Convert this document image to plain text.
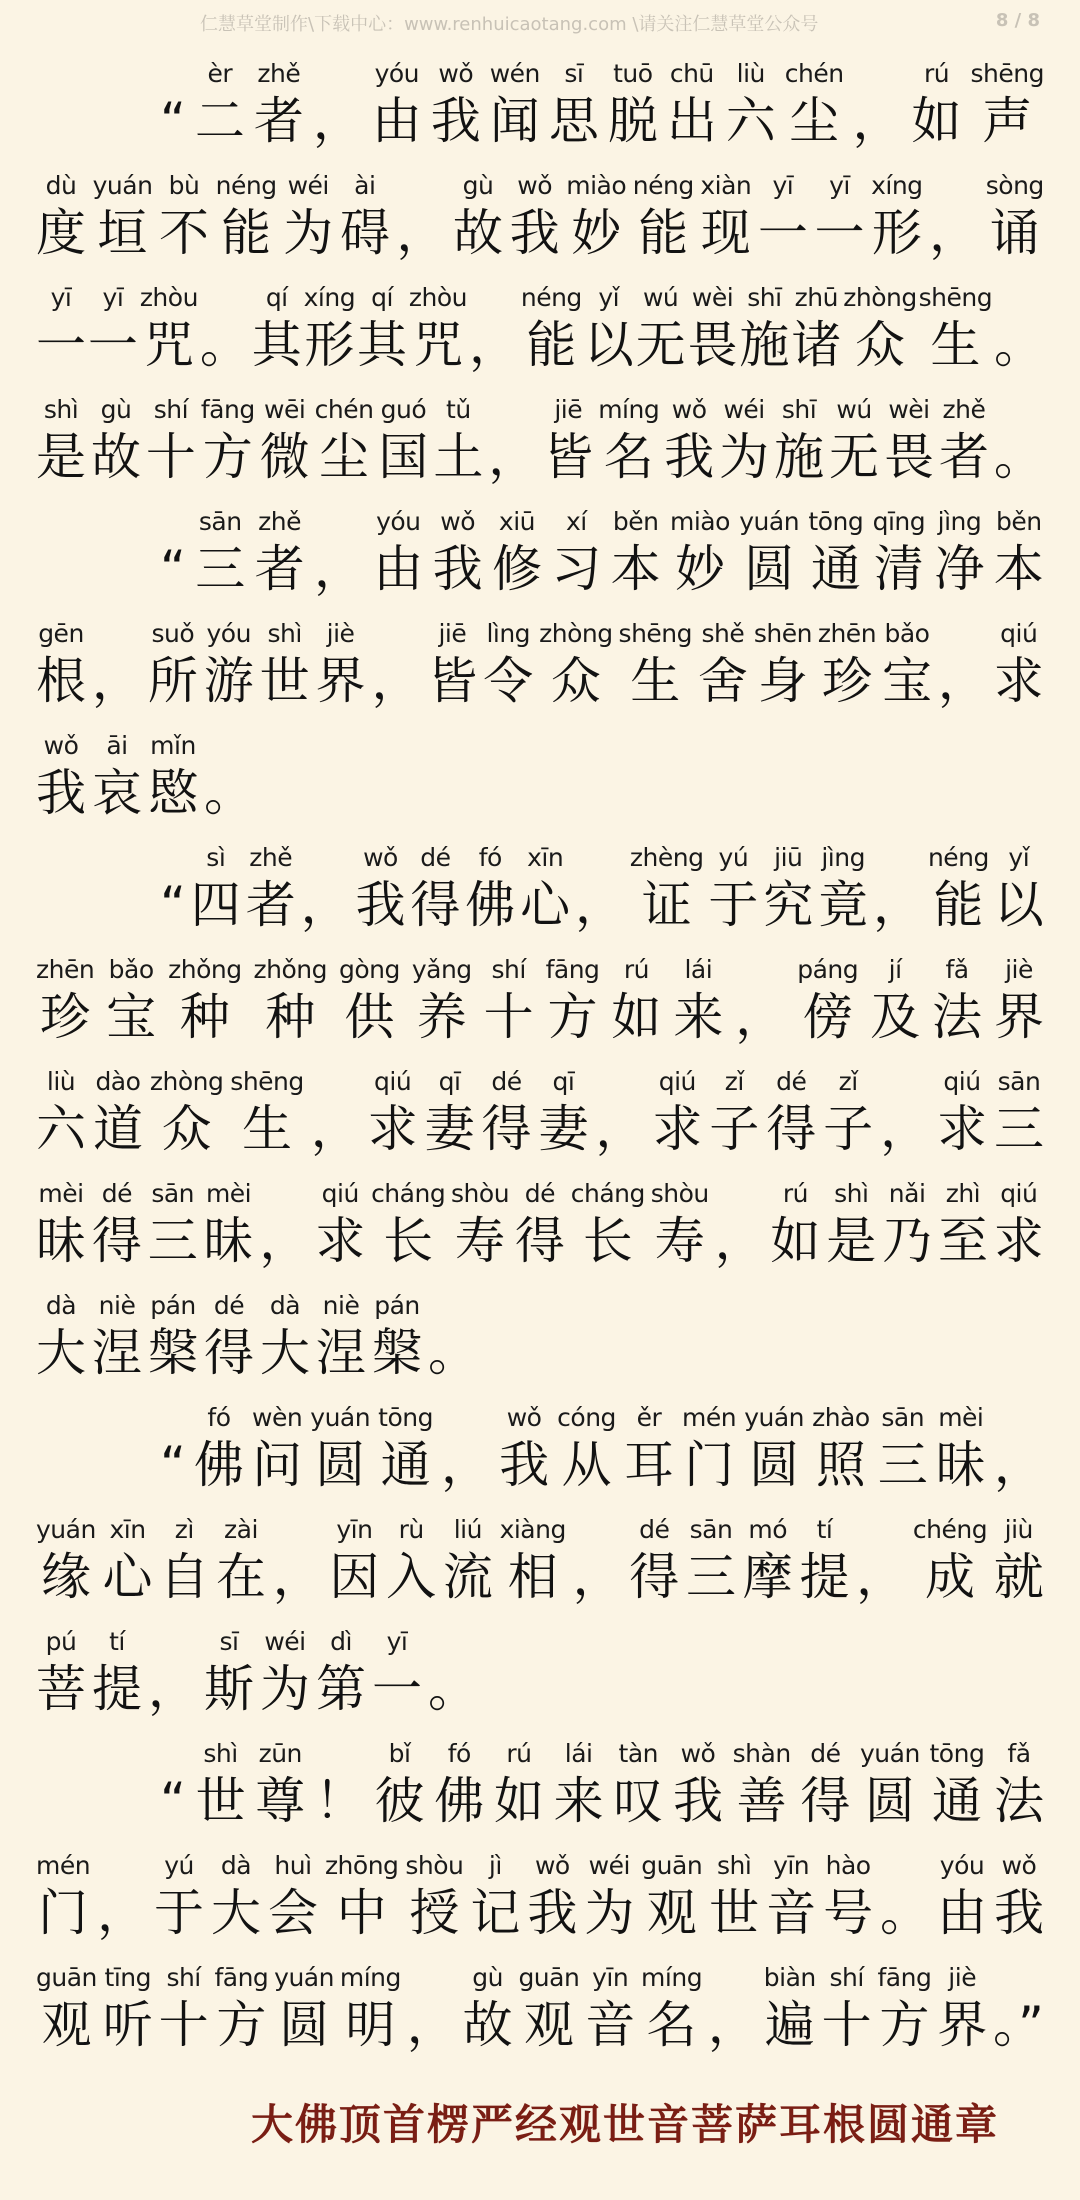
仁慧草堂制作\下载中心：www.renhuicaotang.com \请关注仁慧草堂公众号	8 / 8
“
èr
二
zhě
者 ，
yóu
由
wǒ
我
wén
闻
sī
思
tuō
脱
chū
出
liù
六
chén
尘 ，
rú
如
shēng
声
dù
度
yuán
垣
bù
不
néng
能
wéi
为
ài
碍 ，
gù
故
wǒ
我
miào
妙
néng
能
xiàn
现
yī
一
yī
一
xíng
形 ，
sòng
诵
yī
一
yī
一
zhòu
咒 。
qí
其
xíng
形
qí
其
zhòu
咒 ，
néng
能
yǐ
以
wú
无
wèi
畏
shī
施
zhū
诸
zhòng
众
shēng
生 。
shì
是
gù
故
shí
十
fāng
方
wēi
微
chén
尘
guó
国
tǔ
土 ，
jiē
皆
míng
名
wǒ
我
wéi
为
shī
施
wú
无
wèi
畏
zhě
者 。
“
sān
三
zhě
者 ，
yóu
由
wǒ
我
xiū
修
xí
习
běn
本
miào
妙
yuán
圆
tōng
通
qīng
清
jìng
净
běn
本
gēn
根 ，
suǒ
所
yóu
游
shì
世
jiè
界 ，
jiē
皆
lìng
令
zhòng
众
shēng
生
shě
舍
shēn
身
zhēn
珍
bǎo
宝 ，
qiú
求
wǒ
我
āi
哀
mǐn
愍 。
“
sì
四
zhě
者 ，
wǒ
我
dé
得
fó
佛
xīn
心 ，
zhèng
证
yú
于
jiū
究
jìng
竟 ，
néng
能
yǐ
以
zhēn
珍
bǎo
宝
zhǒng
种
zhǒng
种
gòng
供
yǎng
养
shí
十
fāng
方
rú
如
lái
来 ，
páng
傍
jí
及
fǎ
法
jiè
界
liù
六
dào
道
zhòng
众
shēng
生 ，
qiú
求
qī
妻
dé
得
qī
妻 ，
qiú
求
zǐ
子
dé
得
zǐ
子 ，
qiú
求
sān
三
mèi
昧
dé
得
sān
三
mèi
昧 ，
qiú
求
cháng
长
shòu
寿
dé
得
cháng
长
shòu
寿 ，
rú
如
shì
是
nǎi
乃
zhì
至
qiú
求
dà
大
niè
涅
pán
槃
dé
得
dà
大
niè
涅
pán
槃 。
“
fó
佛
wèn
问
yuán
圆
tōng
通 ，
wǒ
我
cóng
从
ěr
耳
mén
门
yuán
圆
zhào
照
sān
三
mèi
昧 ，
yuán
缘
xīn
心
zì
自
zài
在 ，
yīn
因
rù
入
liú
流
xiàng
相 ，
dé
得
sān
三
mó
摩
tí
提 ，
chéng
成
jiù
就
pú
菩
tí
提 ，
sī
斯
wéi
为
dì
第
yī
一 。
“
shì
世
zūn
尊 ！
bǐ
彼
fó
佛
rú
如
lái
来
tàn
叹
wǒ
我
shàn
善
dé
得
yuán
圆
tōng
通
fǎ
法
mén
门 ，
yú
于
dà
大
huì
会
zhōng
中
shòu
授
jì
记
wǒ
我
wéi
为
guān
观
shì
世
yīn
音
hào
号 。
yóu
由
wǒ
我
guān
观
tīng
听
shí
十
fāng
方
yuán
圆
míng
明 ，
gù
故
guān
观
yīn
音
míng
名 ，
biàn
遍
shí
十
fāng
方
jiè
界 。”
大佛顶首楞严经观世音菩萨耳根圆通章
